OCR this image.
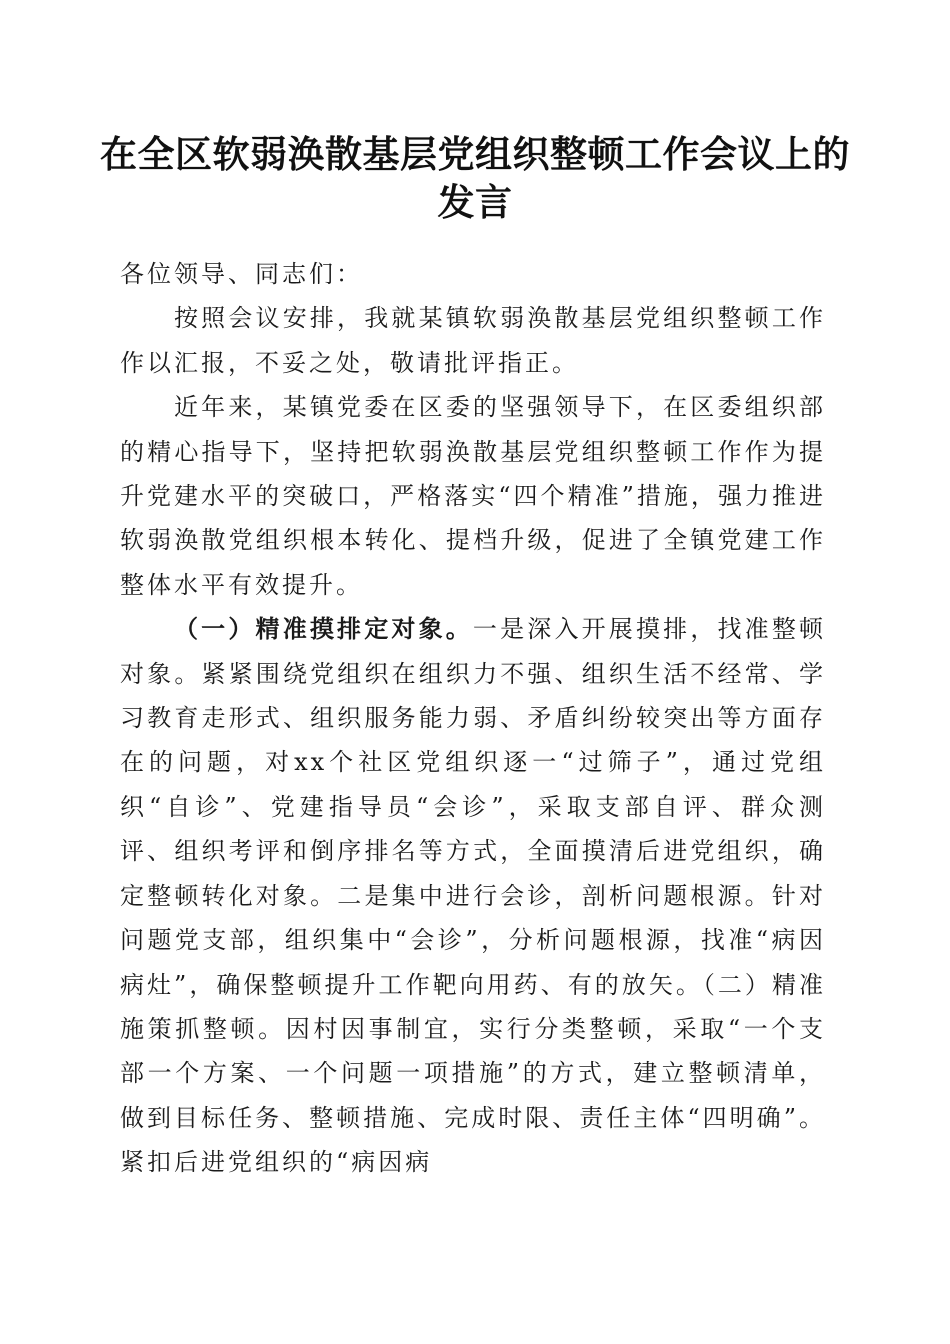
在全区软弱涣散基层党组织整顿工作会议上的发言

各位领导、同志们：

按照会议安排，我就某镇软弱涣散基层党组织整顿工作作以汇报，不妥之处，敬请批评指正。

近年来，某镇党委在区委的坚强领导下，在区委组织部的精心指导下，坚持把软弱涣散基层党组织整顿工作作为提升党建水平的突破口，严格落实“四个精准”措施，强力推进软弱涣散党组织根本转化、提档升级，促进了全镇党建工作整体水平有效提升。

（一）精准摸排定对象。一是深入开展摸排，找准整顿对象。紧紧围绕党组织在组织力不强、组织生活不经常、学习教育走形式、组织服务能力弱、矛盾纠纷较突出等方面存在的问题，对xx个社区党组织逐一“过筛子”，通过党组织“自诊”、党建指导员“会诊”，采取支部自评、群众测评、组织考评和倒序排名等方式，全面摸清后进党组织，确定整顿转化对象。二是集中进行会诊，剖析问题根源。针对问题党支部，组织集中“会诊”，分析问题根源，找准“病因病灶”，确保整顿提升工作靶向用药、有的放矢。（二）精准施策抓整顿。因村因事制宜，实行分类整顿，采取“一个支部一个方案、一个问题一项措施”的方式，建立整顿清单，做到目标任务、整顿措施、完成时限、责任主体“四明确”。紧扣后进党组织的“病因病
